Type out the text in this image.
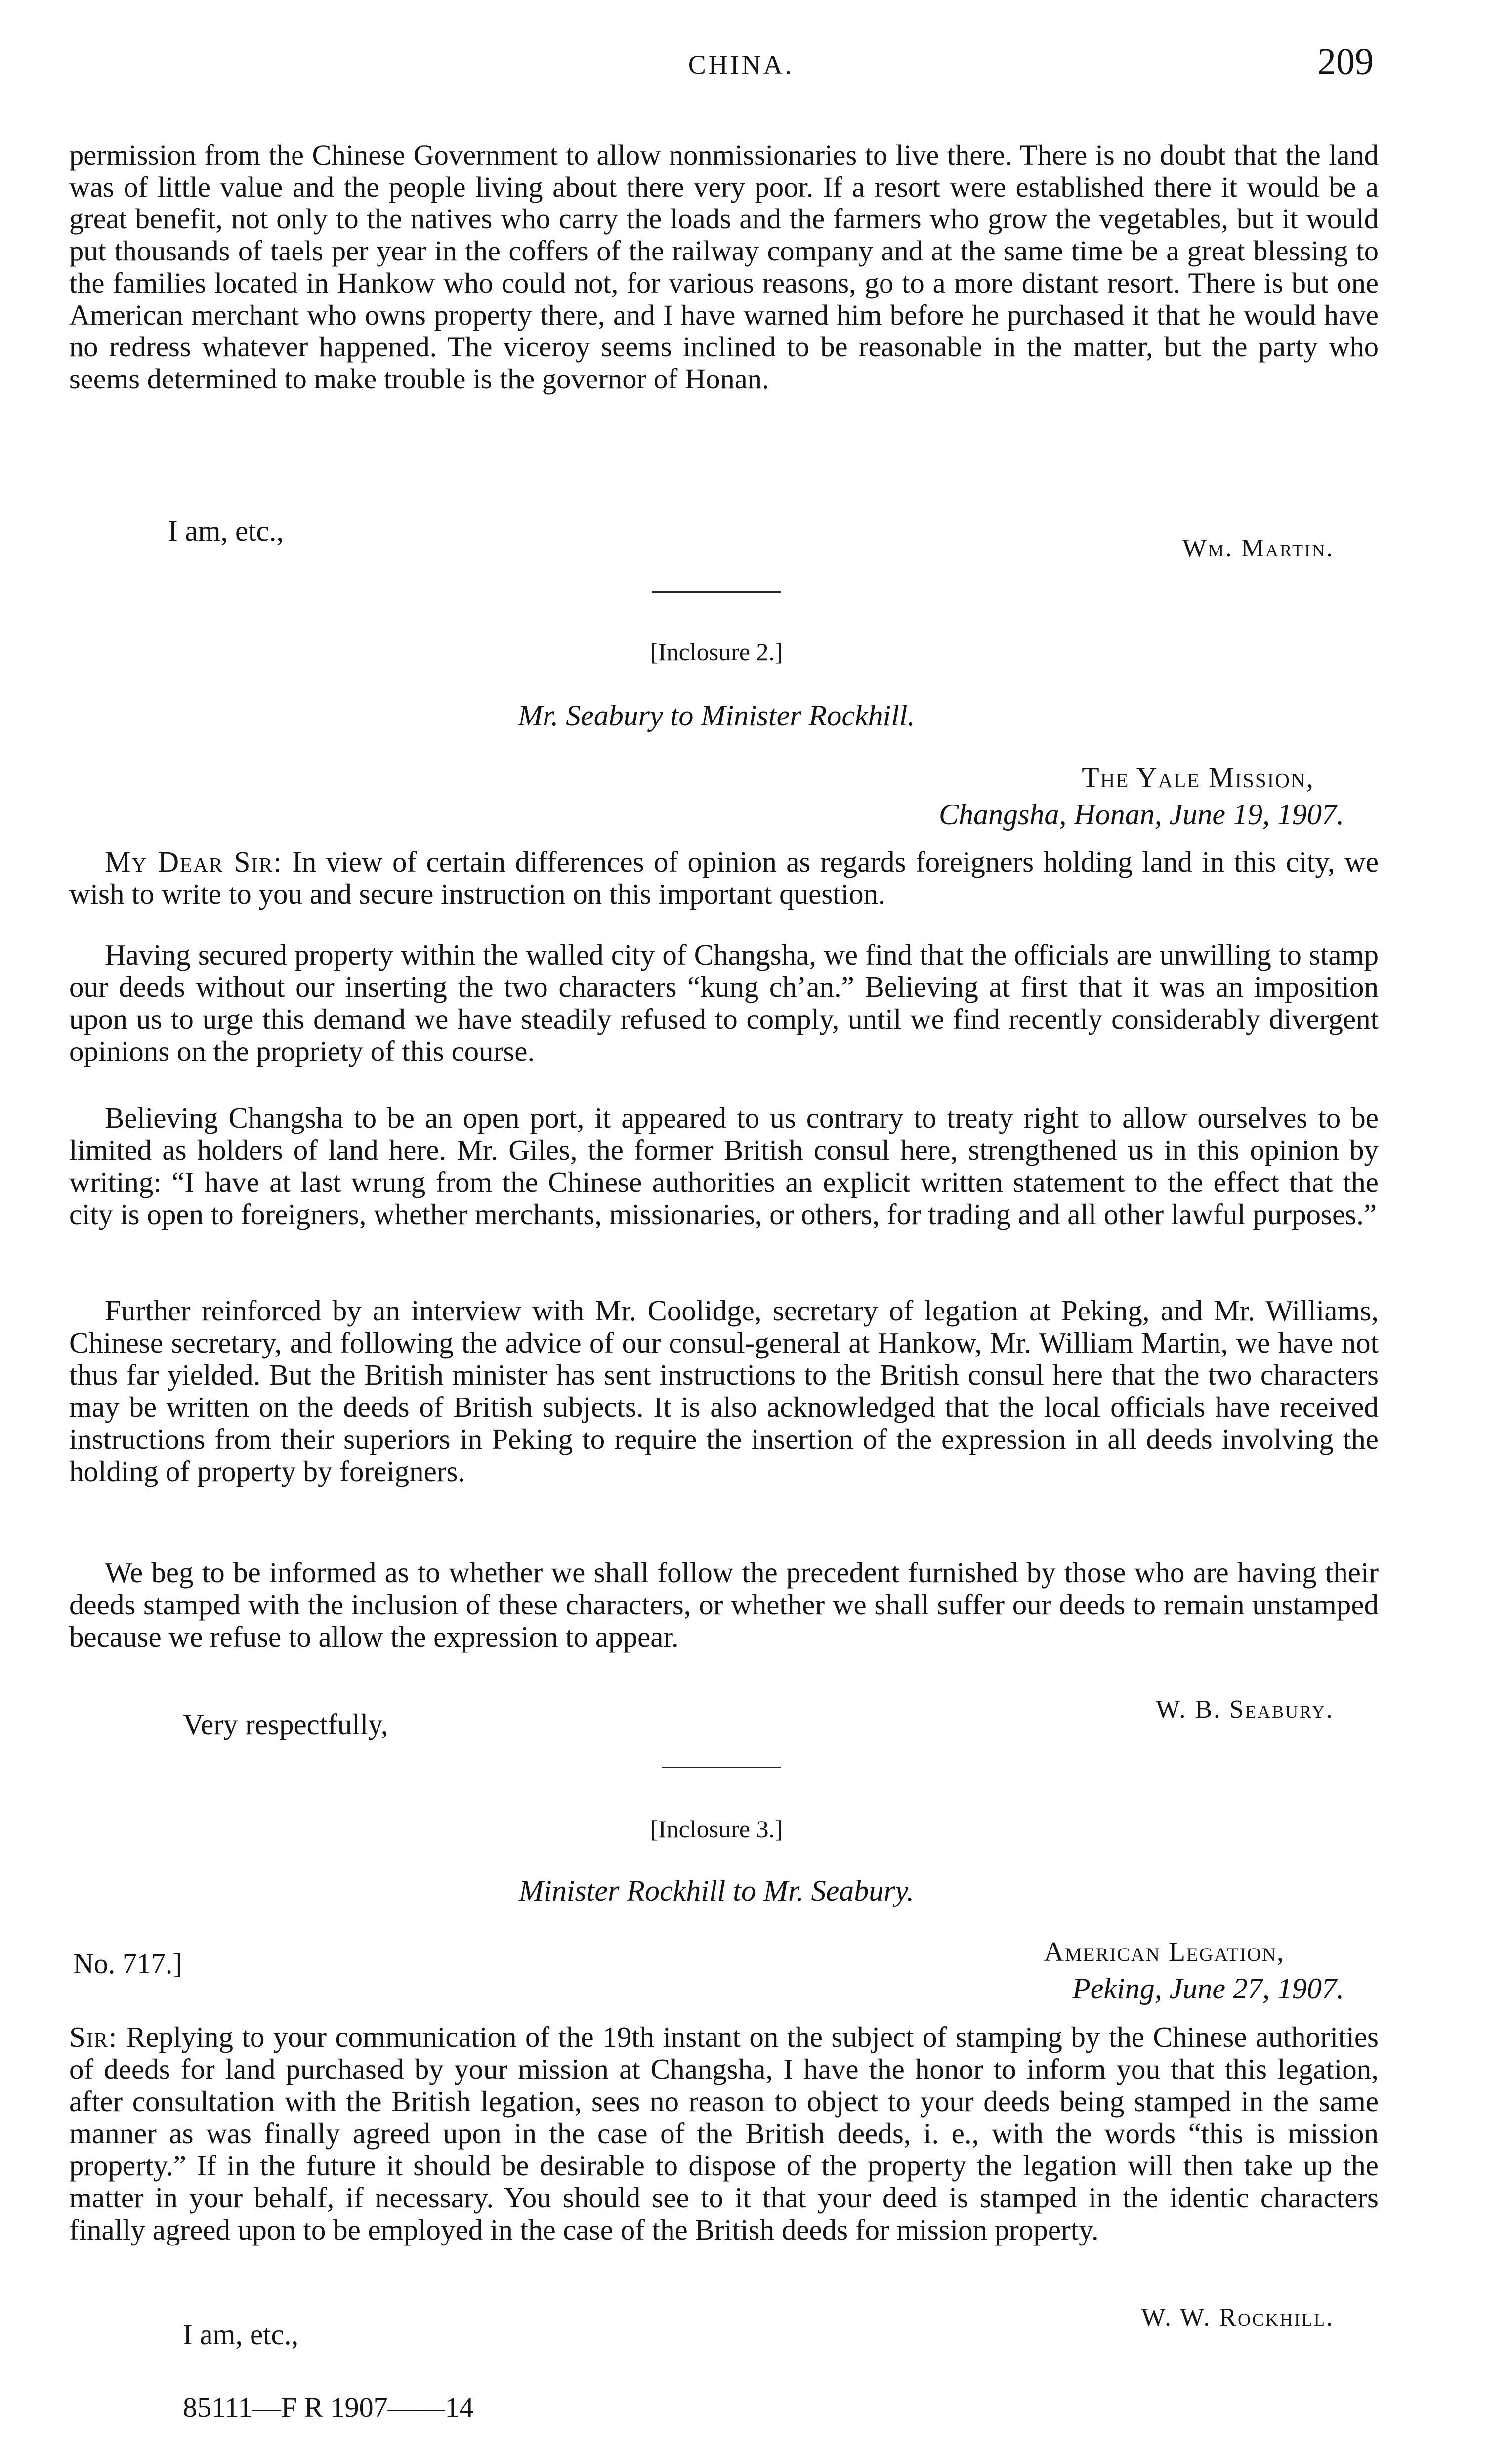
CHINA.	209

permission from the Chinese Government to allow nonmissionaries to live there. There is no doubt that the land was of little value and the people living about there very poor. If a resort were established there it would be a great benefit, not only to the natives who carry the loads and the farmers who grow the vegetables, but it would put thousands of taels per year in the coffers of the railway company and at the same time be a great blessing to the families located in Hankow who could not, for various reasons, go to a more distant resort. There is but one American merchant who owns property there, and I have warned him before he purchased it that he would have no redress whatever happened. The viceroy seems inclined to be reasonable in the matter, but the party who seems determined to make trouble is the governor of Honan.

I am, etc.,
Wm. Martin.
[Inclosure 2.]
Mr. Seabury to Minister Rockhill.
The Yale Mission,
Changsha, Honan, June 19, 1907.

My Dear Sir: In view of certain differences of opinion as regards foreigners holding land in this city, we wish to write to you and secure instruction on this important question.

Having secured property within the walled city of Changsha, we find that the officials are unwilling to stamp our deeds without our inserting the two characters “kung ch’an.” Believing at first that it was an imposition upon us to urge this demand we have steadily refused to comply, until we find recently considerably divergent opinions on the propriety of this course.

Believing Changsha to be an open port, it appeared to us contrary to treaty right to allow ourselves to be limited as holders of land here. Mr. Giles, the former British consul here, strengthened us in this opinion by writing: “I have at last wrung from the Chinese authorities an explicit written statement to the effect that the city is open to foreigners, whether merchants, missionaries, or others, for trading and all other lawful purposes.”

Further reinforced by an interview with Mr. Coolidge, secretary of legation at Peking, and Mr. Williams, Chinese secretary, and following the advice of our consul-general at Hankow, Mr. William Martin, we have not thus far yielded. But the British minister has sent instructions to the British consul here that the two characters may be written on the deeds of British subjects. It is also acknowledged that the local officials have received instructions from their superiors in Peking to require the insertion of the expression in all deeds involving the holding of property by foreigners.

We beg to be informed as to whether we shall follow the precedent furnished by those who are having their deeds stamped with the inclusion of these characters, or whether we shall suffer our deeds to remain unstamped because we refuse to allow the expression to appear.

Very respectfully,	W. B. Seabury.
[Inclosure 3.]
Minister Rockhill to Mr. Seabury.
No. 717.]	American Legation,
Peking, June 27, 1907.

Sir: Replying to your communication of the 19th instant on the subject of stamping by the Chinese authorities of deeds for land purchased by your mission at Changsha, I have the honor to inform you that this legation, after consultation with the British legation, sees no reason to object to your deeds being stamped in the same manner as was finally agreed upon in the case of the British deeds, i. e., with the words “this is mission property.” If in the future it should be desirable to dispose of the property the legation will then take up the matter in your behalf, if necessary. You should see to it that your deed is stamped in the identic characters finally agreed upon to be employed in the case of the British deeds for mission property.

I am, etc.,
W. W. Rockhill.
85111—F R 1907——14
